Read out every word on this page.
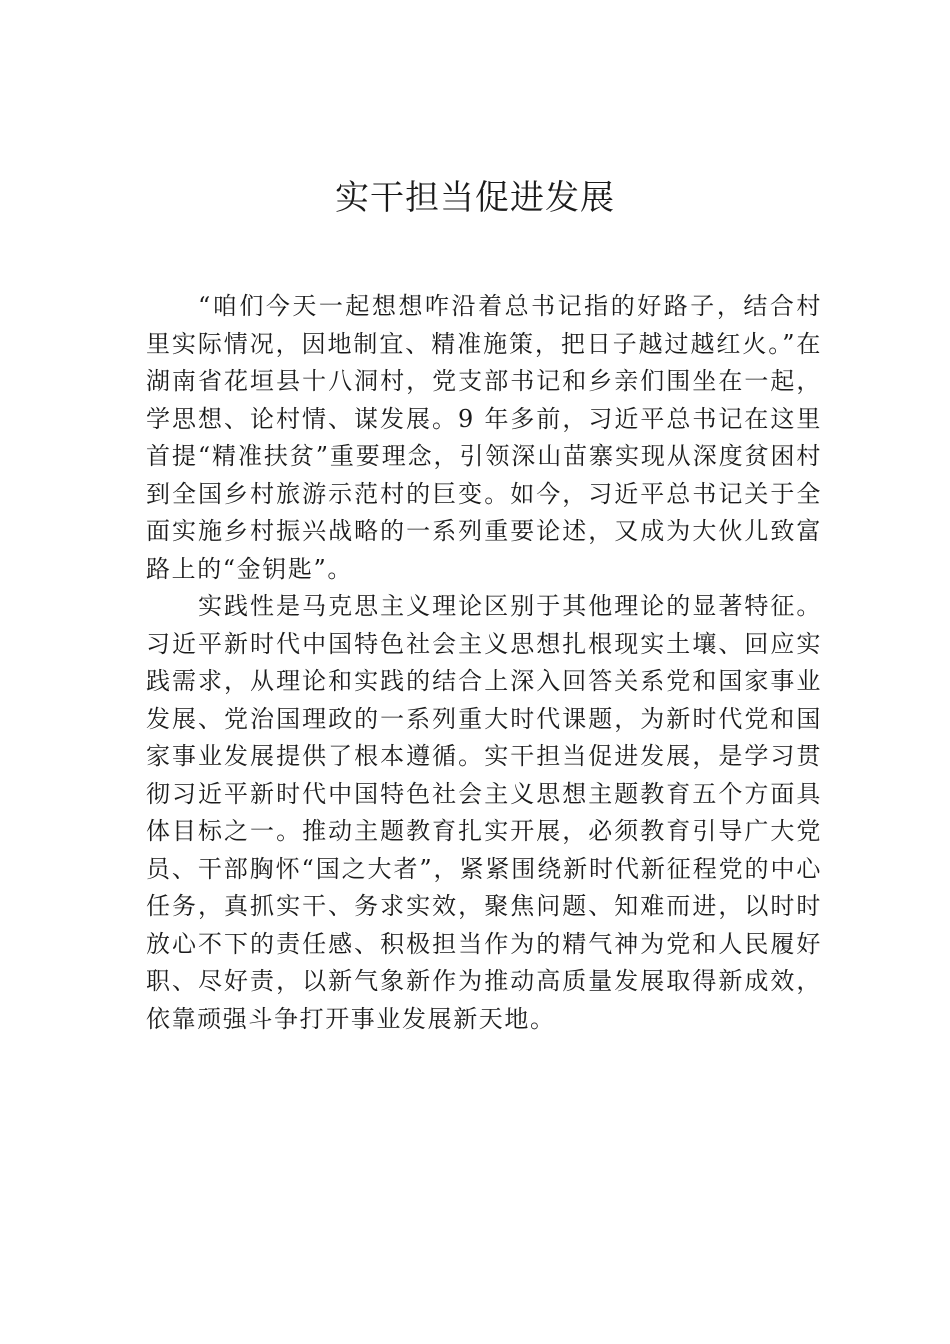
实干担当促进发展

“咱们今天一起想想咋沿着总书记指的好路子，结合村里实际情况，因地制宜、精准施策，把日子越过越红火。”在湖南省花垣县十八洞村，党支部书记和乡亲们围坐在一起， 学思想、论村情、谋发展。9 年多前，习近平总书记在这里首提“精准扶贫”重要理念，引领深山苗寨实现从深度贫困村到全国乡村旅游示范村的巨变。如今，习近平总书记关于全面实施乡村振兴战略的一系列重要论述，又成为大伙儿致富路上的“金钥匙”。

实践性是马克思主义理论区别于其他理论的显著特征。习近平新时代中国特色社会主义思想扎根现实土壤、回应实践需求，从理论和实践的结合上深入回答关系党和国家事业发展、党治国理政的一系列重大时代课题，为新时代党和国家事业发展提供了根本遵循。实干担当促进发展，是学习贯彻习近平新时代中国特色社会主义思想主题教育五个方面具体目标之一。推动主题教育扎实开展，必须教育引导广大党员、干部胸怀“国之大者”，紧紧围绕新时代新征程党的中心任务，真抓实干、务求实效，聚焦问题、知难而进，以时时放心不下的责任感、积极担当作为的精气神为党和人民履好职、尽好责，以新气象新作为推动高质量发展取得新成效， 依靠顽强斗争打开事业发展新天地。
